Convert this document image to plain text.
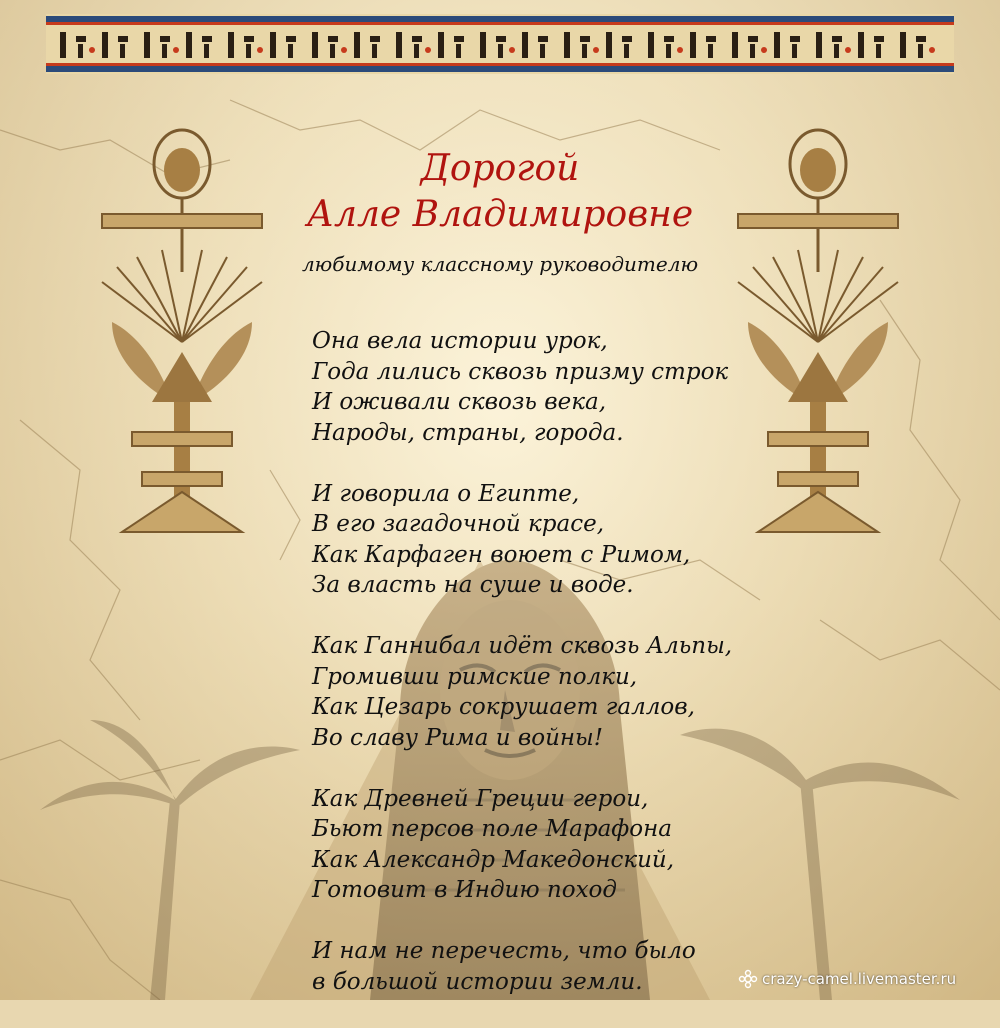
Дорогой
Алле Владимировне
любимому классному руководителю
Она вела истории урок,
Года лились сквозь призму строк
И оживали сквозь века,
Народы, страны, города.
И говорила о Египте,
В его загадочной красе,
Как Карфаген воюет с Римом,
За власть на суше и воде.
Как Ганнибал идёт сквозь Альпы,
Громивши римские полки,
Как Цезарь сокрушает галлов,
Во славу Рима и войны!
Как Древней Греции герои,
Бьют персов поле Марафона
Как Александр Македонский,
Готовит в Индию поход
И нам не перечесть, что было
в большой истории земли.	crazy-camel.livemaster.ru
